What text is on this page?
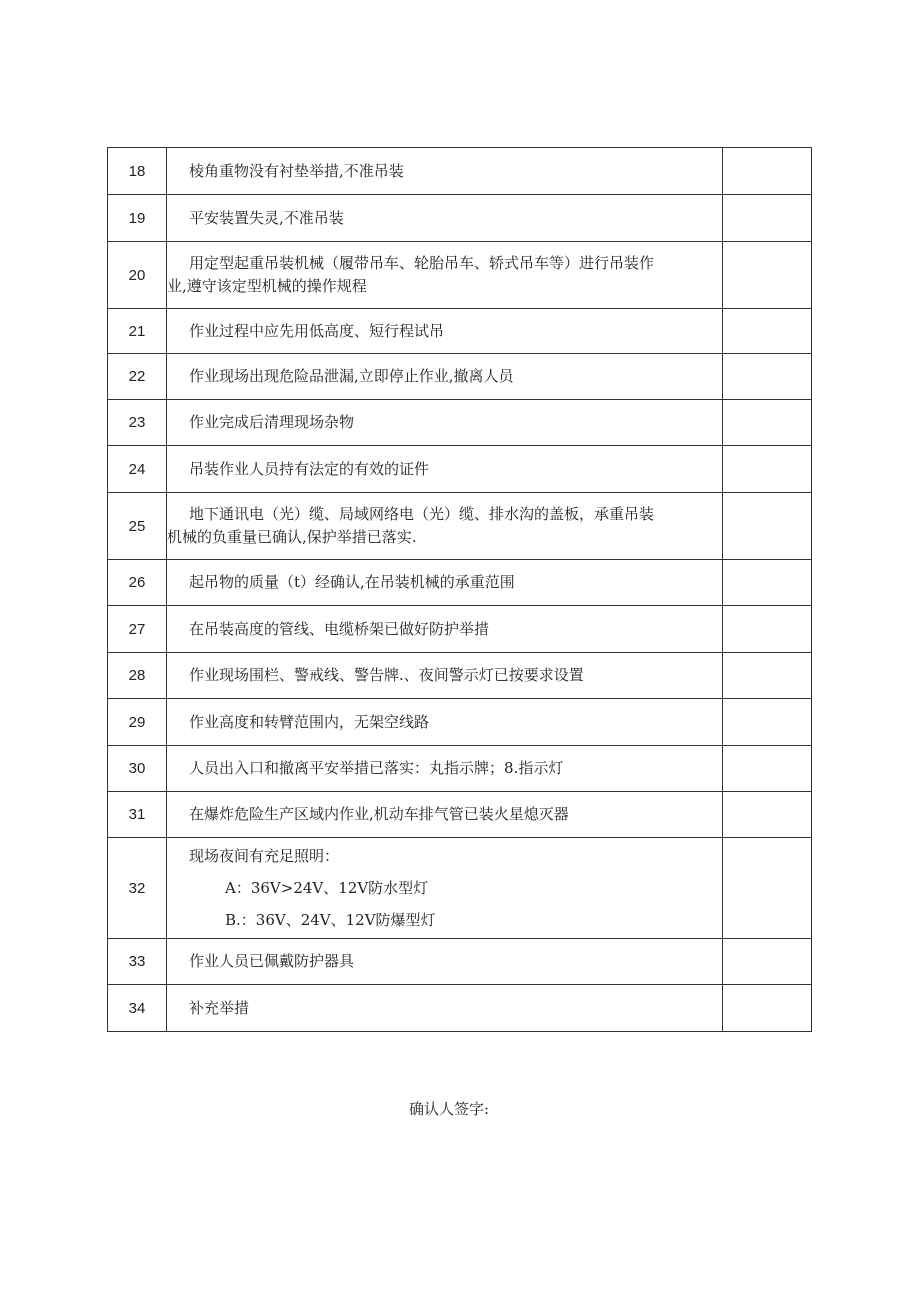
18	棱角重物没有衬垫举措,不准吊装	

19	平安装置失灵,不准吊装	

20	用定型起重吊装机械（履带吊车、轮胎吊车、轿式吊车等）进行吊装作
业,遵守该定型机械的操作规程	

21	作业过程中应先用低高度、短行程试吊	

22	作业现场出现危险品泄漏,立即停止作业,撤离人员	

23	作业完成后清理现场杂物	

24	吊装作业人员持有法定的有效的证件	

25	地下通讯电（光）缆、局域网络电（光）缆、排水沟的盖板，承重吊装
机械的负重量已确认,保护举措已落实.	

26	起吊物的质量（t）经确认,在吊装机械的承重范围	

27	在吊装高度的管线、电缆桥架已做好防护举措	

28	作业现场围栏、警戒线、警告牌.、夜间警示灯已按要求设置	

29	作业高度和转臂范围内，无架空线路	

30	人员出入口和撤离平安举措已落实：丸指示牌；8.指示灯	

31	在爆炸危险生产区域内作业,机动车排气管已装火星熄灭器	

32	现场夜间有充足照明：
A：36V>24V、12V防水型灯
B.：36V、24V、12V防爆型灯	

33	作业人员已佩戴防护器具	

34	补充举措	

确认人签字:
